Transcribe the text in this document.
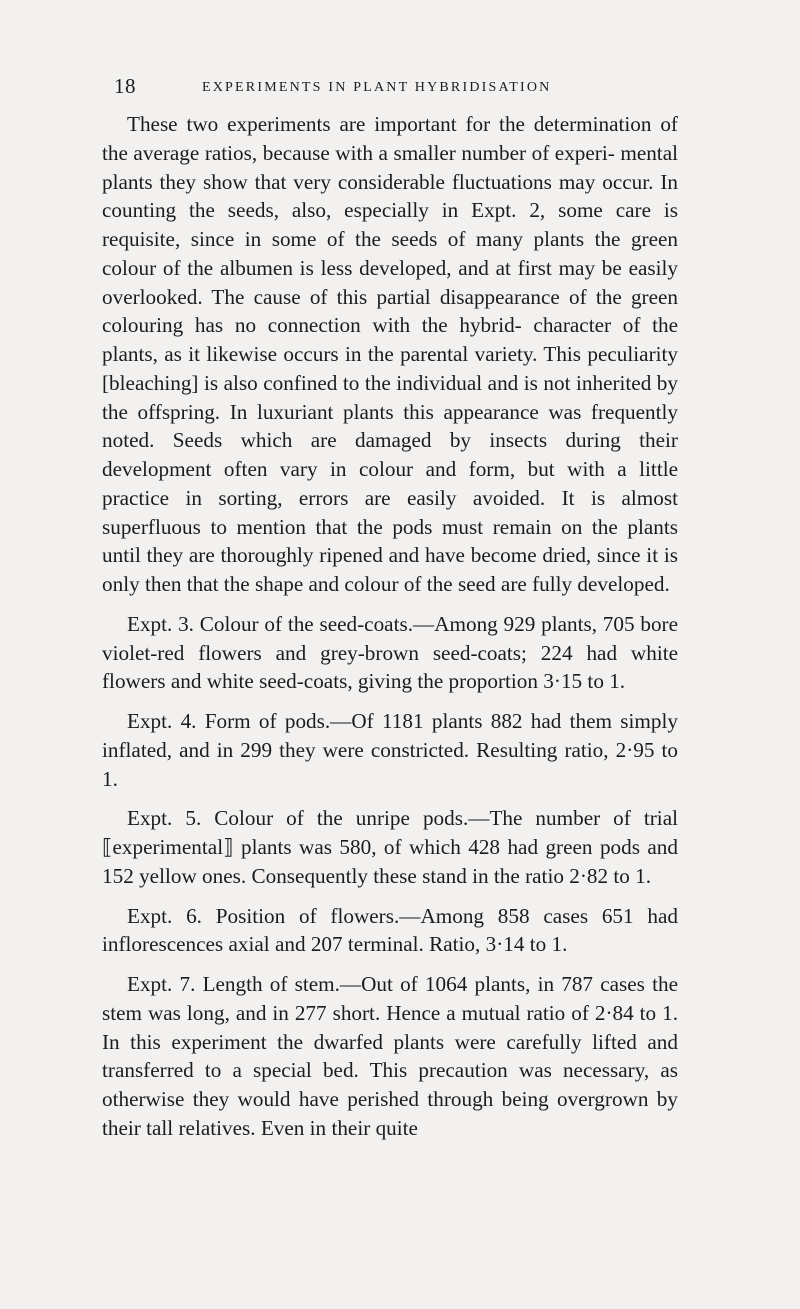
18	EXPERIMENTS IN PLANT HYBRIDISATION

These two experiments are important for the determination of the average ratios, because with a smaller number of experi- mental plants they show that very considerable fluctuations may occur. In counting the seeds, also, especially in Expt. 2, some care is requisite, since in some of the seeds of many plants the green colour of the albumen is less developed, and at first may be easily overlooked. The cause of this partial disappearance of the green colouring has no connection with the hybrid- character of the plants, as it likewise occurs in the parental variety. This peculiarity [bleaching] is also confined to the individual and is not inherited by the offspring. In luxuriant plants this appearance was frequently noted. Seeds which are damaged by insects during their development often vary in colour and form, but with a little practice in sorting, errors are easily avoided. It is almost superfluous to mention that the pods must remain on the plants until they are thoroughly ripened and have become dried, since it is only then that the shape and colour of the seed are fully developed.

Expt. 3. Colour of the seed-coats.—Among 929 plants, 705 bore violet-red flowers and grey-brown seed-coats; 224 had white flowers and white seed-coats, giving the proportion 3·15 to 1.

Expt. 4. Form of pods.—Of 1181 plants 882 had them simply inflated, and in 299 they were constricted. Resulting ratio, 2·95 to 1.

Expt. 5. Colour of the unripe pods.—The number of trial ⟦experimental⟧ plants was 580, of which 428 had green pods and 152 yellow ones. Consequently these stand in the ratio 2·82 to 1.

Expt. 6. Position of flowers.—Among 858 cases 651 had inflorescences axial and 207 terminal. Ratio, 3·14 to 1.

Expt. 7. Length of stem.—Out of 1064 plants, in 787 cases the stem was long, and in 277 short. Hence a mutual ratio of 2·84 to 1. In this experiment the dwarfed plants were carefully lifted and transferred to a special bed. This precaution was necessary, as otherwise they would have perished through being overgrown by their tall relatives. Even in their quite
